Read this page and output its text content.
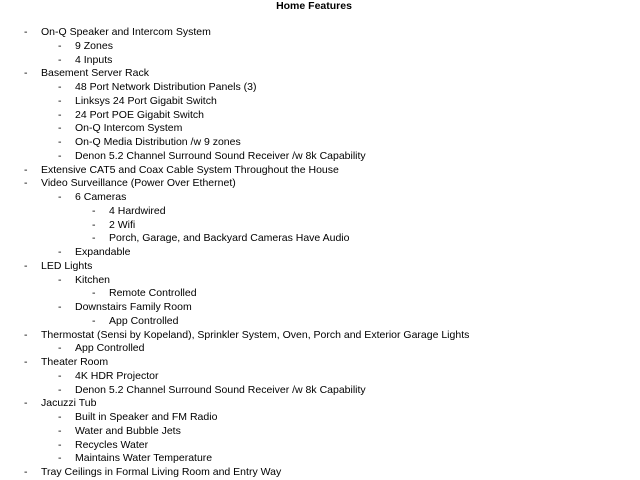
Home Features
- On-Q Speaker and Intercom System
- 9 Zones
- 4 Inputs
- Basement Server Rack
- 48 Port Network Distribution Panels (3)
- Linksys 24 Port Gigabit Switch
- 24 Port POE Gigabit Switch
- On-Q Intercom System
- On-Q Media Distribution /w 9 zones
- Denon 5.2 Channel Surround Sound Receiver /w 8k Capability
- Extensive CAT5 and Coax Cable System Throughout the House
- Video Surveillance (Power Over Ethernet)
- 6 Cameras
- 4 Hardwired
- 2 Wifi
- Porch, Garage, and Backyard Cameras Have Audio
- Expandable
- LED Lights
- Kitchen
- Remote Controlled
- Downstairs Family Room
- App Controlled
- Thermostat (Sensi by Kopeland), Sprinkler System, Oven, Porch and Exterior Garage Lights
- App Controlled
- Theater Room
- 4K HDR Projector
- Denon 5.2 Channel Surround Sound Receiver /w 8k Capability
- Jacuzzi Tub
- Built in Speaker and FM Radio
- Water and Bubble Jets
- Recycles Water
- Maintains Water Temperature
- Tray Ceilings in Formal Living Room and Entry Way
